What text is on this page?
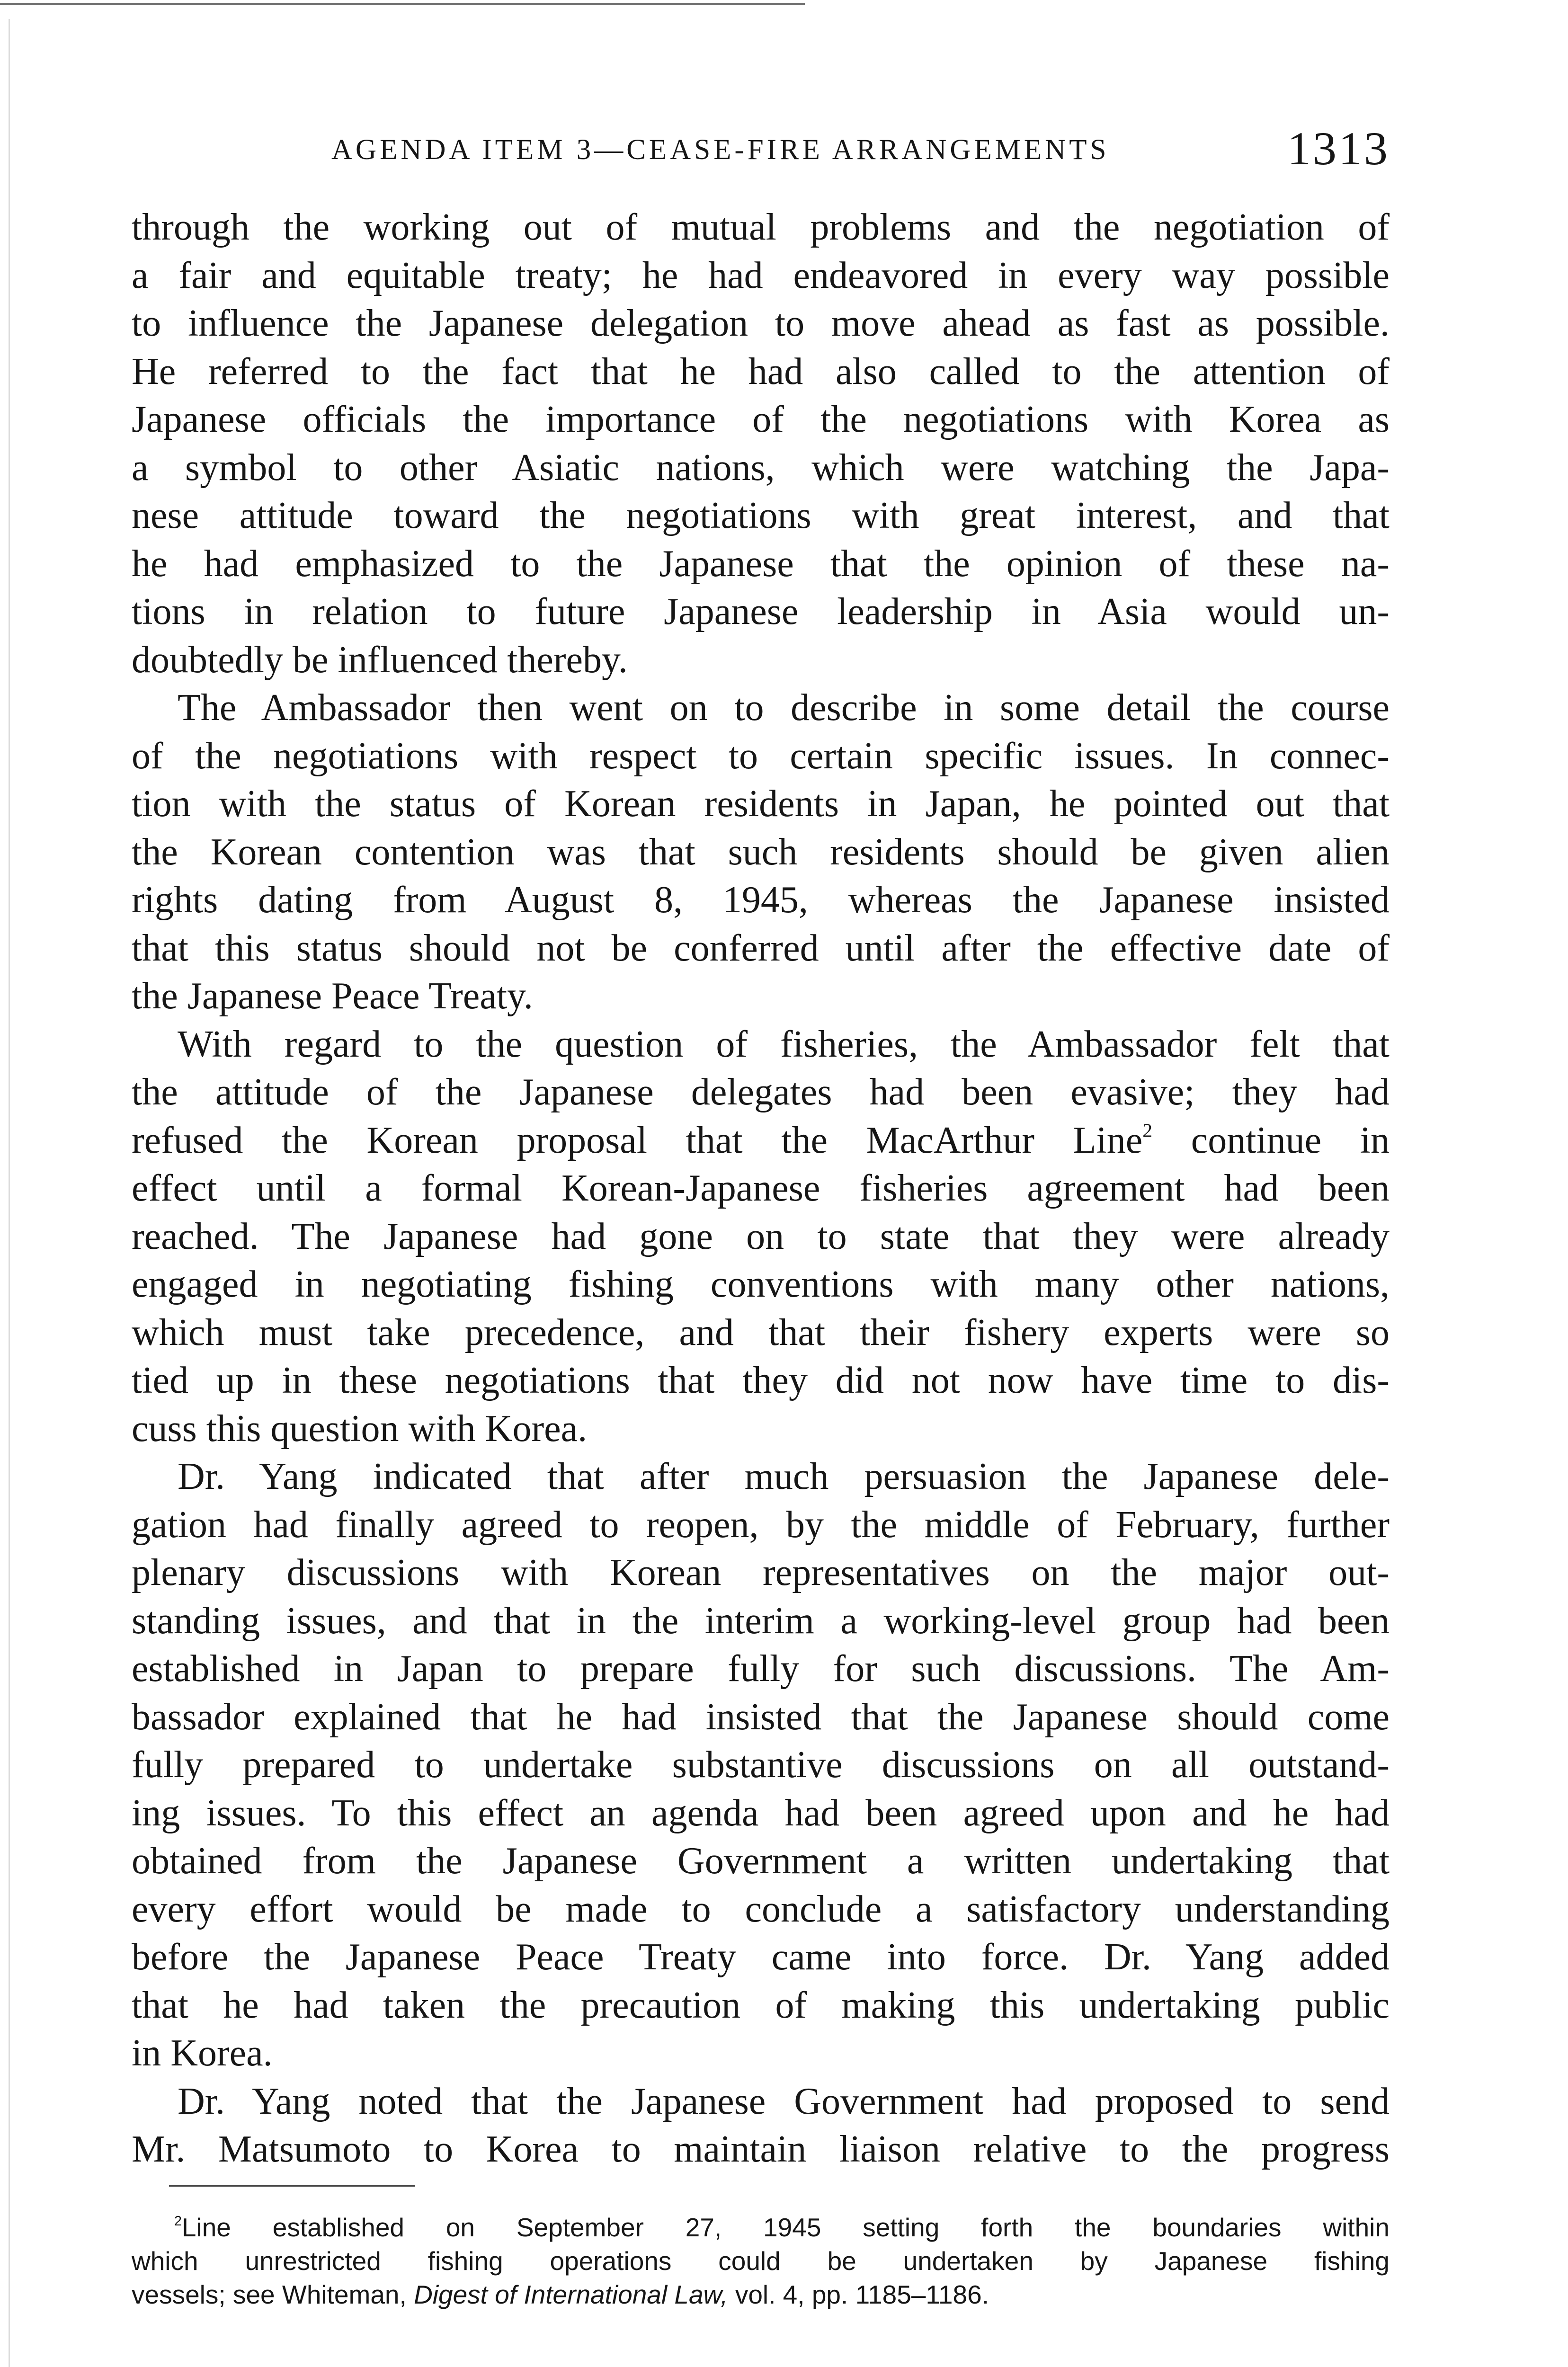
AGENDA ITEM 3—CEASE-FIRE ARRANGEMENTS	1313
through the working out of mutual problems and the negotiation of
a fair and equitable treaty; he had endeavored in every way possible
to influence the Japanese delegation to move ahead as fast as possible.
He referred to the fact that he had also called to the attention of
Japanese officials the importance of the negotiations with Korea as
a symbol to other Asiatic nations, which were watching the Japa-
nese attitude toward the negotiations with great interest, and that
he had emphasized to the Japanese that the opinion of these na-
tions in relation to future Japanese leadership in Asia would un-
doubtedly be influenced thereby.
The Ambassador then went on to describe in some detail the course
of the negotiations with respect to certain specific issues. In connec-
tion with the status of Korean residents in Japan, he pointed out that
the Korean contention was that such residents should be given alien
rights dating from August 8, 1945, whereas the Japanese insisted
that this status should not be conferred until after the effective date of
the Japanese Peace Treaty.
With regard to the question of fisheries, the Ambassador felt that
the attitude of the Japanese delegates had been evasive; they had
refused the Korean proposal that the MacArthur Line$^2$ continue in
effect until a formal Korean-Japanese fisheries agreement had been
reached. The Japanese had gone on to state that they were already
engaged in negotiating fishing conventions with many other nations,
which must take precedence, and that their fishery experts were so
tied up in these negotiations that they did not now have time to dis-
cuss this question with Korea.
Dr. Yang indicated that after much persuasion the Japanese dele-
gation had finally agreed to reopen, by the middle of February, further
plenary discussions with Korean representatives on the major out-
standing issues, and that in the interim a working-level group had been
established in Japan to prepare fully for such discussions. The Am-
bassador explained that he had insisted that the Japanese should come
fully prepared to undertake substantive discussions on all outstand-
ing issues. To this effect an agenda had been agreed upon and he had
obtained from the Japanese Government a written undertaking that
every effort would be made to conclude a satisfactory understanding
before the Japanese Peace Treaty came into force. Dr. Yang added
that he had taken the precaution of making this undertaking public
in Korea.
Dr. Yang noted that the Japanese Government had proposed to send
Mr. Matsumoto to Korea to maintain liaison relative to the progress
$^2$Line established on September 27, 1945 setting forth the boundaries within
which unrestricted fishing operations could be undertaken by Japanese fishing
vessels; see Whiteman, Digest of International Law, vol. 4, pp. 1185–1186.
